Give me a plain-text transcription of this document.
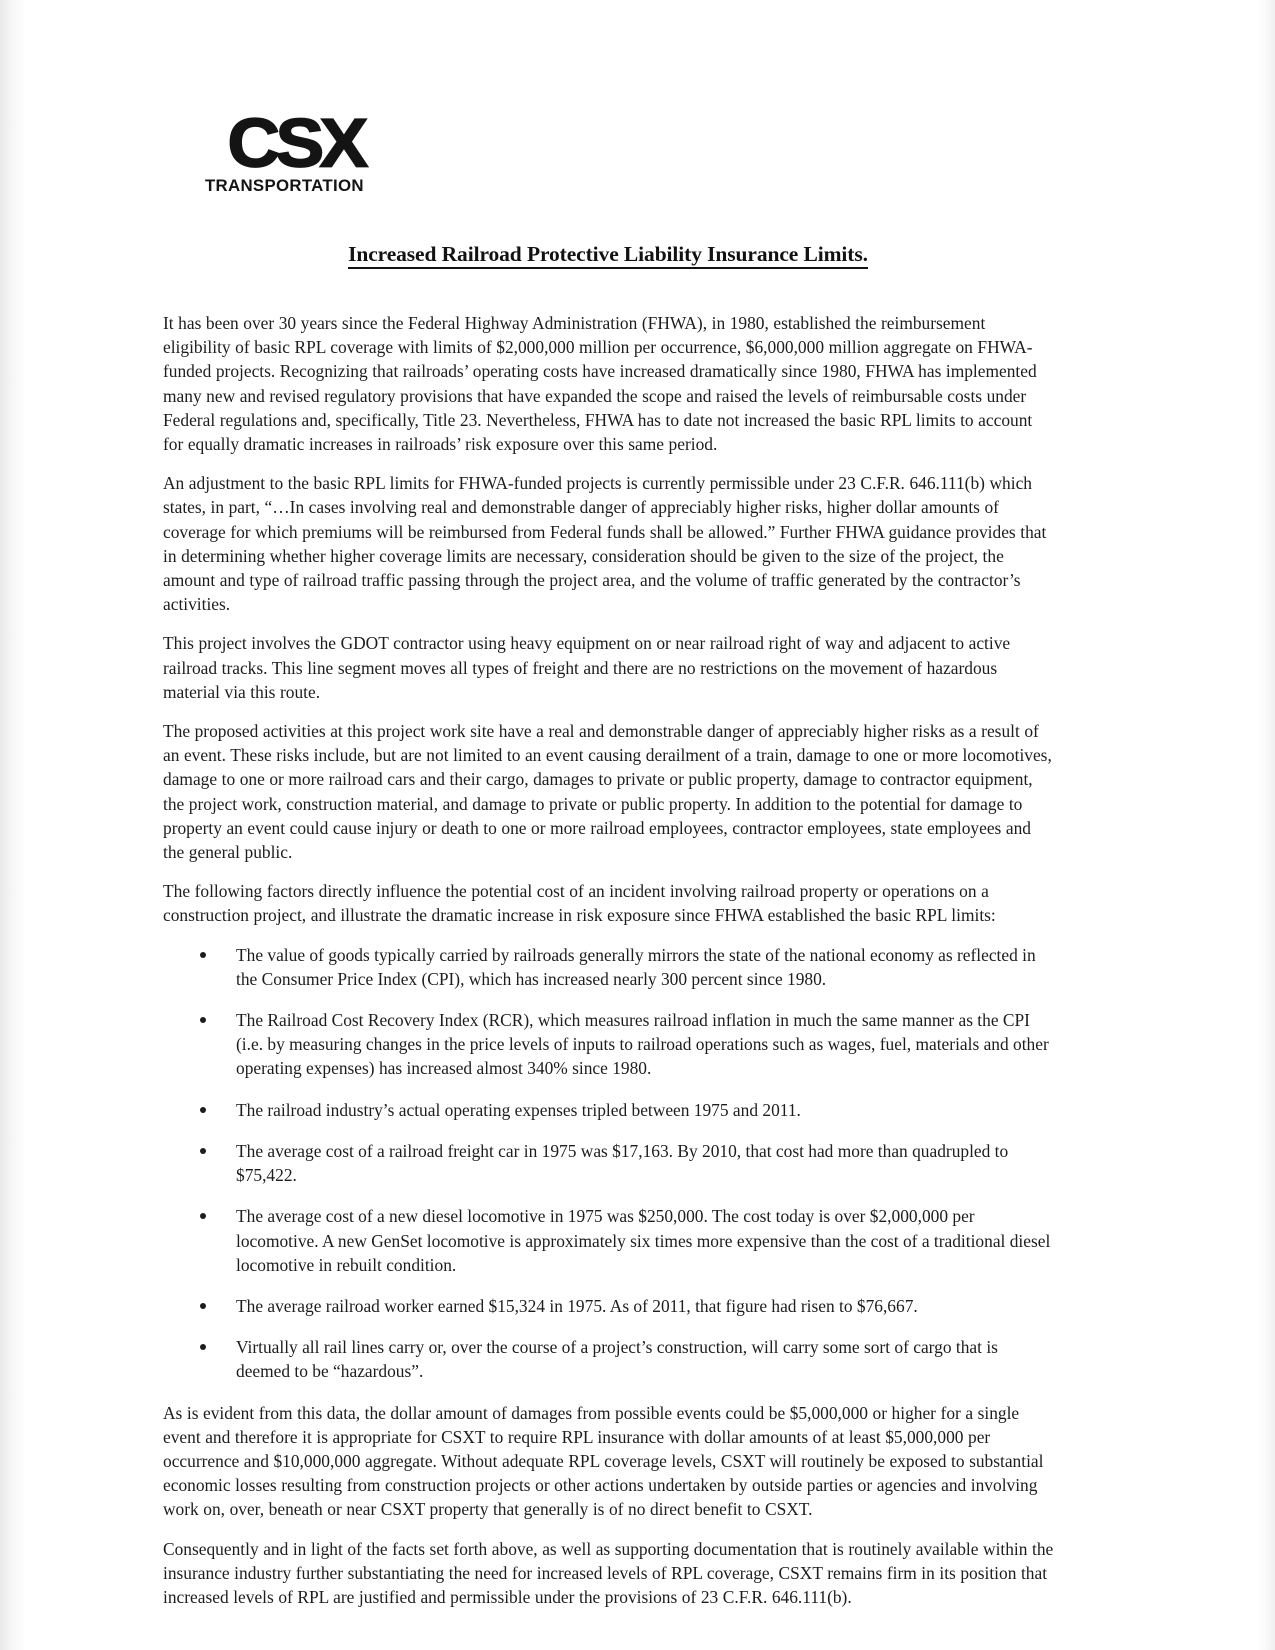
CSX
TRANSPORTATION
Increased Railroad Protective Liability Insurance Limits.

It has been over 30 years since the Federal Highway Administration (FHWA), in 1980, established the reimbursement eligibility of basic RPL coverage with limits of $2,000,000 million per occurrence, $6,000,000 million aggregate on FHWA-funded projects. Recognizing that railroads’ operating costs have increased dramatically since 1980, FHWA has implemented many new and revised regulatory provisions that have expanded the scope and raised the levels of reimbursable costs under Federal regulations and, specifically, Title 23. Nevertheless, FHWA has to date not increased the basic RPL limits to account for equally dramatic increases in railroads’ risk exposure over this same period.

An adjustment to the basic RPL limits for FHWA-funded projects is currently permissible under 23 C.F.R. 646.111(b) which states, in part, “…In cases involving real and demonstrable danger of appreciably higher risks, higher dollar amounts of coverage for which premiums will be reimbursed from Federal funds shall be allowed.” Further FHWA guidance provides that in determining whether higher coverage limits are necessary, consideration should be given to the size of the project, the amount and type of railroad traffic passing through the project area, and the volume of traffic generated by the contractor’s activities.

This project involves the GDOT contractor using heavy equipment on or near railroad right of way and adjacent to active railroad tracks. This line segment moves all types of freight and there are no restrictions on the movement of hazardous material via this route.

The proposed activities at this project work site have a real and demonstrable danger of appreciably higher risks as a result of an event. These risks include, but are not limited to an event causing derailment of a train, damage to one or more locomotives, damage to one or more railroad cars and their cargo, damages to private or public property, damage to contractor equipment, the project work, construction material, and damage to private or public property. In addition to the potential for damage to property an event could cause injury or death to one or more railroad employees, contractor employees, state employees and the general public.

The following factors directly influence the potential cost of an incident involving railroad property or operations on a construction project, and illustrate the dramatic increase in risk exposure since FHWA established the basic RPL limits:

The value of goods typically carried by railroads generally mirrors the state of the national economy as reflected in the Consumer Price Index (CPI), which has increased nearly 300 percent since 1980.
The Railroad Cost Recovery Index (RCR), which measures railroad inflation in much the same manner as the CPI (i.e. by measuring changes in the price levels of inputs to railroad operations such as wages, fuel, materials and other operating expenses) has increased almost 340% since 1980.
The railroad industry’s actual operating expenses tripled between 1975 and 2011.
The average cost of a railroad freight car in 1975 was $17,163. By 2010, that cost had more than quadrupled to $75,422.
The average cost of a new diesel locomotive in 1975 was $250,000. The cost today is over $2,000,000 per locomotive. A new GenSet locomotive is approximately six times more expensive than the cost of a traditional diesel locomotive in rebuilt condition.
The average railroad worker earned $15,324 in 1975. As of 2011, that figure had risen to $76,667.
Virtually all rail lines carry or, over the course of a project’s construction, will carry some sort of cargo that is deemed to be “hazardous”.

As is evident from this data, the dollar amount of damages from possible events could be $5,000,000 or higher for a single event and therefore it is appropriate for CSXT to require RPL insurance with dollar amounts of at least $5,000,000 per occurrence and $10,000,000 aggregate. Without adequate RPL coverage levels, CSXT will routinely be exposed to substantial economic losses resulting from construction projects or other actions undertaken by outside parties or agencies and involving work on, over, beneath or near CSXT property that generally is of no direct benefit to CSXT.

Consequently and in light of the facts set forth above, as well as supporting documentation that is routinely available within the insurance industry further substantiating the need for increased levels of RPL coverage, CSXT remains firm in its position that increased levels of RPL are justified and permissible under the provisions of 23 C.F.R. 646.111(b).
